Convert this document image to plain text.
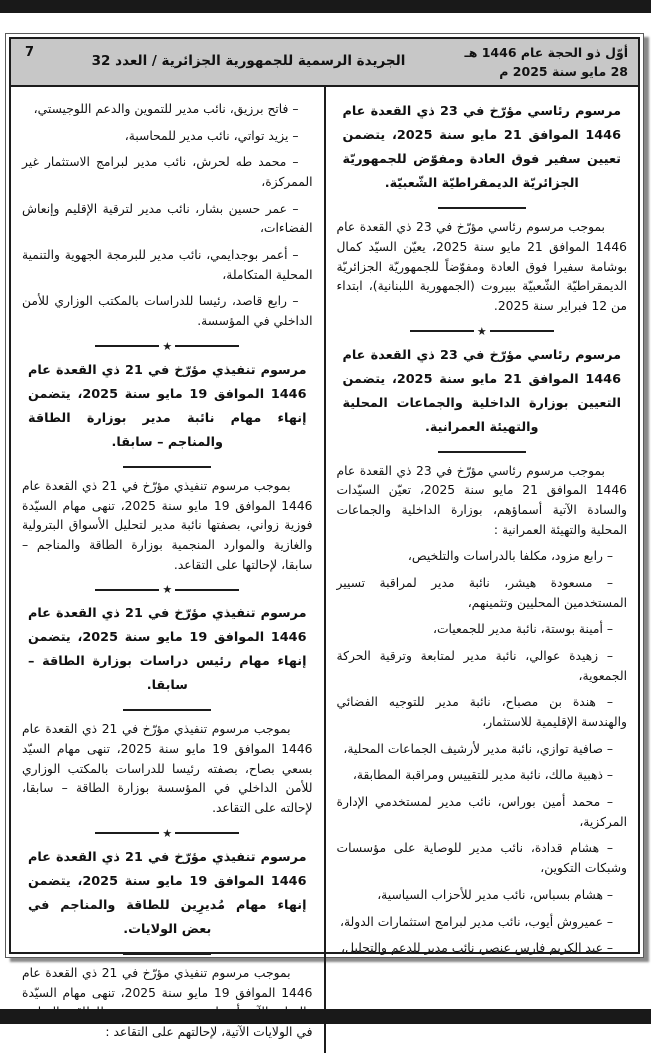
أوّل ذو الحجة عام 1446 هـ
28 مايو سنة 2025 م
الجريدة الرسمية للجمهورية الجزائرية / العدد 32
7

مرسوم رئاسي مؤرّخ في 23 ذي القعدة عام 1446 الموافق 21 مايو سنة 2025، يتضمن تعيين سفير فوق العادة ومفوّض للجمهوريّة الجزائريّة الديمقراطيّة الشّعبيّة.

بموجب مرسوم رئاسي مؤرّخ في 23 ذي القعدة عام 1446 الموافق 21 مايو سنة 2025، يعيّن السيّد كمال بوشامة سفيرا فوق العادة ومفوّضاً للجمهوريّة الجزائريّة الديمقراطيّة الشّعبيّة ببيروت (الجمهورية اللبنانية)، ابتداء من 12 فبراير سنة 2025.

★

مرسوم رئاسي مؤرّخ في 23 ذي القعدة عام 1446 الموافق 21 مايو سنة 2025، يتضمن التعيين بوزارة الداخلية والجماعات المحلية والتهيئة العمرانية.

بموجب مرسوم رئاسي مؤرّخ في 23 ذي القعدة عام 1446 الموافق 21 مايو سنة 2025، تعيّن السيّدات والسادة الآتية أسماؤهم، بوزارة الداخلية والجماعات المحلية والتهيئة العمرانية :

– رابع مزود، مكلفا بالدراسات والتلخيص،

– مسعودة هيشر، نائبة مدير لمراقبة تسيير المستخدمين المحليين وتثمينهم،

– أمينة بوستة، نائبة مدير للجمعيات،

– زهيدة عوالي، نائبة مدير لمتابعة وترقية الحركة الجمعوية،

– هندة بن مصباح، نائبة مدير للتوجيه الفضائي والهندسة الإقليمية للاستثمار،

– صافية توازي، نائبة مدير لأرشيف الجماعات المحلية،

– ذهبية مالك، نائبة مدير للتقييس ومراقبة المطابقة،

– محمد أمين بوراس، نائب مدير لمستخدمي الإدارة المركزية،

– هشام قدادة، نائب مدير للوصاية على مؤسسات وشبكات التكوين،

– هشام بسباس، نائب مدير للأحزاب السياسية،

– عميروش أيوب، نائب مدير لبرامج استثمارات الدولة،

– عبد الكريم فارس عنصر، نائب مدير للدعم والتحليل،

– فاتح برزيق، نائب مدير للتموين والدعم اللوجيستي،

– يزيد تواتي، نائب مدير للمحاسبة،

– محمد طه لحرش، نائب مدير لبرامج الاستثمار غير الممركزة،

– عمر حسين بشار، نائب مدير لترقية الإقليم وإنعاش الفضاءات،

– أعمر بوجدايمي، نائب مدير للبرمجة الجهوية والتنمية المحلية المتكاملة،

– رابع قاصد، رئيسا للدراسات بالمكتب الوزاري للأمن الداخلي في المؤسسة.

★

مرسوم تنفيذي مؤرّخ في 21 ذي القعدة عام 1446 الموافق 19 مايو سنة 2025، يتضمن إنهاء مهام نائبة مدير بوزارة الطاقة والمناجم – سابقا.

بموجب مرسوم تنفيذي مؤرّخ في 21 ذي القعدة عام 1446 الموافق 19 مايو سنة 2025، تنهى مهام السيّدة فوزية زواني، بصفتها نائبة مدير لتحليل الأسواق البترولية والغازية والموارد المنجمية بوزارة الطاقة والمناجم – سابقا، لإحالتها على التقاعد.

★

مرسوم تنفيذي مؤرّخ في 21 ذي القعدة عام 1446 الموافق 19 مايو سنة 2025، يتضمن إنهاء مهام رئيس دراسات بوزارة الطاقة – سابقا.

بموجب مرسوم تنفيذي مؤرّخ في 21 ذي القعدة عام 1446 الموافق 19 مايو سنة 2025، تنهى مهام السيّد بسعي بصاح، بصفته رئيسا للدراسات بالمكتب الوزاري للأمن الداخلي في المؤسسة بوزارة الطاقة – سابقا، لإحالته على التقاعد.

★

مرسوم تنفيذي مؤرّخ في 21 ذي القعدة عام 1446 الموافق 19 مايو سنة 2025، يتضمن إنهاء مهام مُديرِين للطاقة والمناجم في بعض الولايات.

بموجب مرسوم تنفيذي مؤرّخ في 21 ذي القعدة عام 1446 الموافق 19 مايو سنة 2025، تنهى مهام السيّدة في الولايات الآتية، لإحالتهم على التقاعد :
